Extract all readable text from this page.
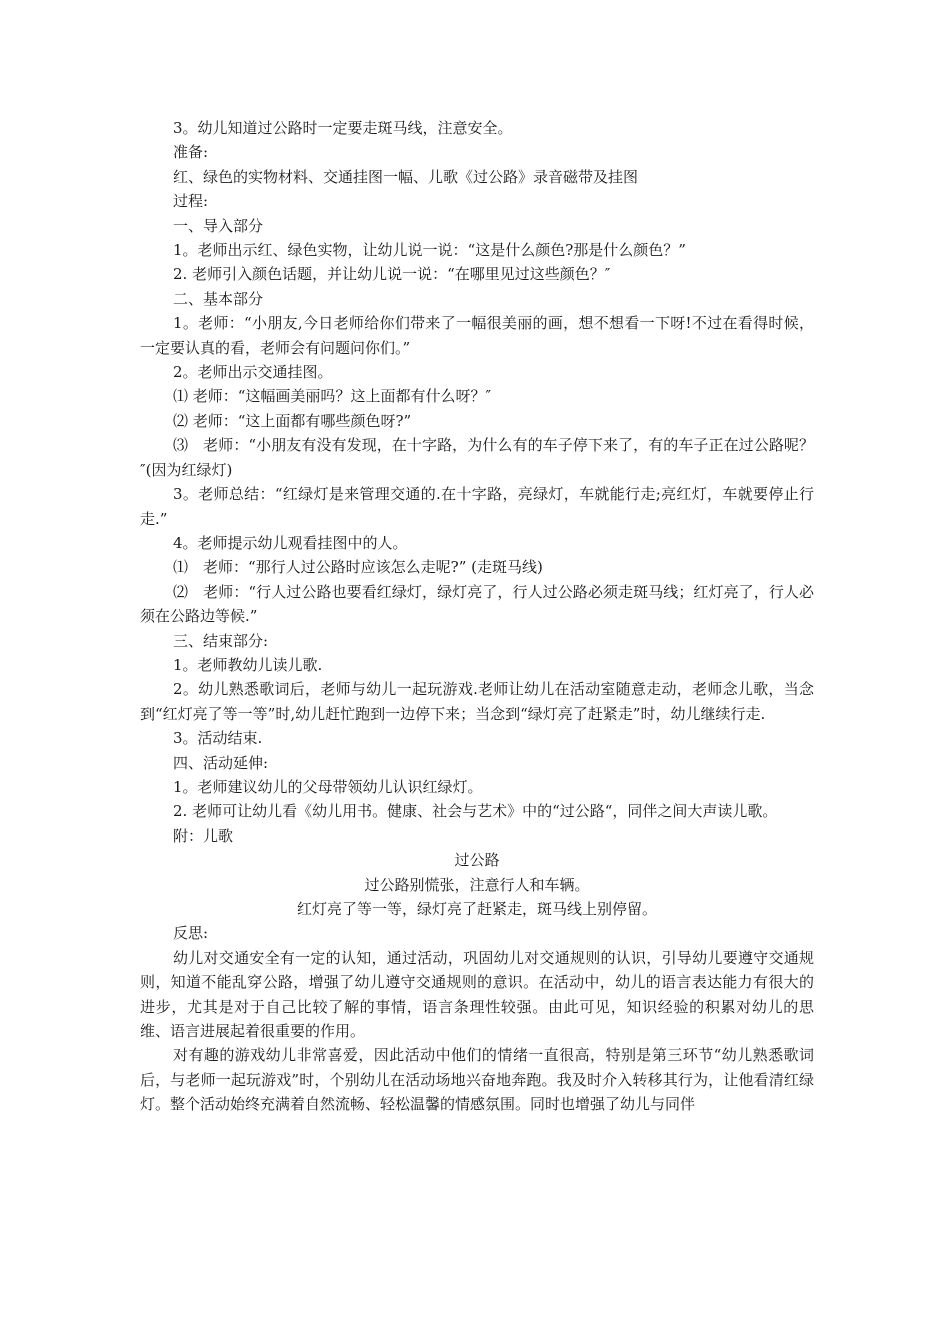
3。幼儿知道过公路时一定要走斑马线，注意安全。

准备:

红、绿色的实物材料、交通挂图一幅、儿歌《过公路》录音磁带及挂图

过程:

一、导入部分

1。老师出示红、绿色实物，让幼儿说一说：“这是什么颜色?那是什么颜色？”

2. 老师引入颜色话题，并让幼儿说一说：“在哪里见过这些颜色？″

二、基本部分

1。老师：“小朋友,今日老师给你们带来了一幅很美丽的画，想不想看一下呀!不过在看得时候，一定要认真的看，老师会有问题问你们。”

2。老师出示交通挂图。

⑴ 老师：“这幅画美丽吗？这上面都有什么呀？″

⑵ 老师：“这上面都有哪些颜色呀?”

⑶　老师：“小朋友有没有发现，在十字路，为什么有的车子停下来了，有的车子正在过公路呢？″(因为红绿灯)

3。老师总结：“红绿灯是来管理交通的.在十字路，亮绿灯，车就能行走;亮红灯，车就要停止行走.”

4。老师提示幼儿观看挂图中的人。

⑴　老师：“那行人过公路时应该怎么走呢?” (走斑马线)

⑵　老师：“行人过公路也要看红绿灯，绿灯亮了，行人过公路必须走斑马线；红灯亮了，行人必须在公路边等候.”

三、结束部分:

1。老师教幼儿读儿歌.

2。幼儿熟悉歌词后，老师与幼儿一起玩游戏.老师让幼儿在活动室随意走动，老师念儿歌，当念到“红灯亮了等一等”时,幼儿赶忙跑到一边停下来；当念到“绿灯亮了赶紧走”时，幼儿继续行走.

3。活动结束.

四、活动延伸:

1。老师建议幼儿的父母带领幼儿认识红绿灯。

2. 老师可让幼儿看《幼儿用书。健康、社会与艺术》中的“过公路“，同伴之间大声读儿歌。

附：儿歌

过公路

过公路别慌张，注意行人和车辆。

红灯亮了等一等，绿灯亮了赶紧走，斑马线上别停留。

反思:

幼儿对交通安全有一定的认知，通过活动，巩固幼儿对交通规则的认识，引导幼儿要遵守交通规则，知道不能乱穿公路，增强了幼儿遵守交通规则的意识。在活动中，幼儿的语言表达能力有很大的进步，尤其是对于自己比较了解的事情，语言条理性较强。由此可见，知识经验的积累对幼儿的思维、语言进展起着很重要的作用。

对有趣的游戏幼儿非常喜爱，因此活动中他们的情绪一直很高，特别是第三环节“幼儿熟悉歌词后，与老师一起玩游戏”时，个别幼儿在活动场地兴奋地奔跑。我及时介入转移其行为，让他看清红绿灯。整个活动始终充满着自然流畅、轻松温馨的情感氛围。同时也增强了幼儿与同伴
